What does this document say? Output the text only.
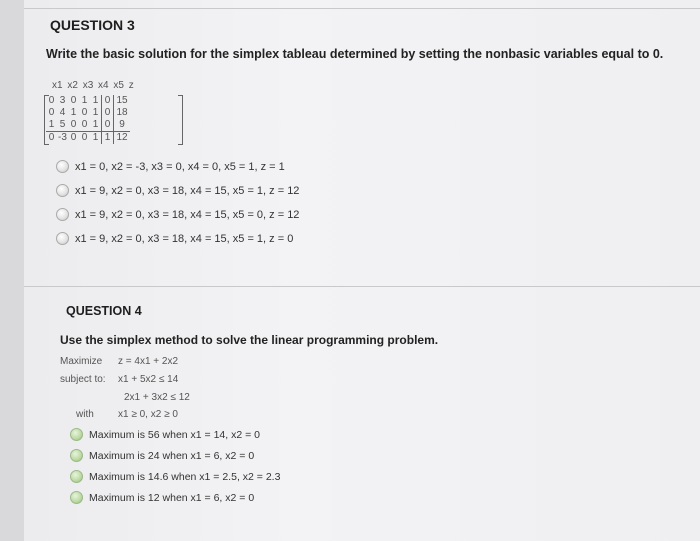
QUESTION 3
Write the basic solution for the simplex tableau determined by setting the nonbasic variables equal to 0.
x1 x2 x3 x4 x5 z
0	3	0	1	1	0	15
0	4	1	0	1	0	18
1	5	0	0	1	0	9
0	-3	0	0	1	1	12
x1 = 0, x2 = -3, x3 = 0, x4 = 0, x5 = 1, z = 1
x1 = 9, x2 = 0, x3 = 18, x4 = 15, x5 = 1, z = 12
x1 = 9, x2 = 0, x3 = 18, x4 = 15, x5 = 0, z = 12
x1 = 9, x2 = 0, x3 = 18, x4 = 15, x5 = 1, z = 0
QUESTION 4
Use the simplex method to solve the linear programming problem.
Maximize z = 4x1 + 2x2
subject to: x1 + 5x2 ≤ 14
2x1 + 3x2 ≤ 12
with x1 ≥ 0, x2 ≥ 0
Maximum is 56 when x1 = 14, x2 = 0
Maximum is 24 when x1 = 6, x2 = 0
Maximum is 14.6 when x1 = 2.5, x2 = 2.3
Maximum is 12 when x1 = 6, x2 = 0
